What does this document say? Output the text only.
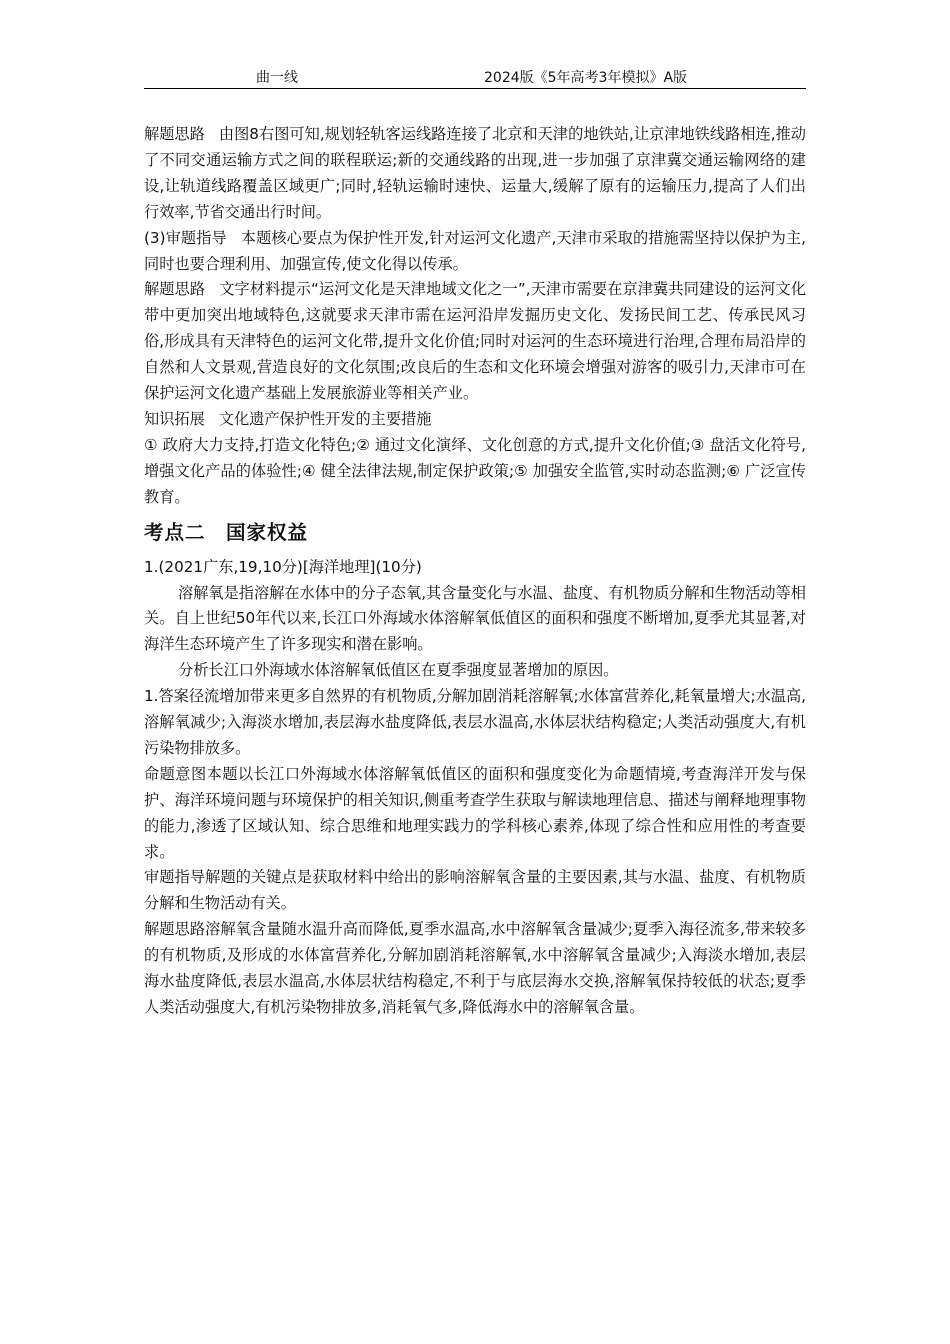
曲一线	2024版《5年高考3年模拟》A版

解题思路 由图8右图可知,规划轻轨客运线路连接了北京和天津的地铁站,让京津地铁线路相连,推动了不同交通运输方式之间的联程联运;新的交通线路的出现,进一步加强了京津冀交通运输网络的建设,让轨道线路覆盖区域更广;同时,轻轨运输时速快、运量大,缓解了原有的运输压力,提高了人们出行效率,节省交通出行时间。

(3)审题指导 本题核心要点为保护性开发,针对运河文化遗产,天津市采取的措施需坚持以保护为主,同时也要合理利用、加强宣传,使文化得以传承。

解题思路 文字材料提示“运河文化是天津地域文化之一”,天津市需要在京津冀共同建设的运河文化带中更加突出地域特色,这就要求天津市需在运河沿岸发掘历史文化、发扬民间工艺、传承民风习俗,形成具有天津特色的运河文化带,提升文化价值;同时对运河的生态环境进行治理,合理布局沿岸的自然和人文景观,营造良好的文化氛围;改良后的生态和文化环境会增强对游客的吸引力,天津市可在保护运河文化遗产基础上发展旅游业等相关产业。

知识拓展 文化遗产保护性开发的主要措施

① 政府大力支持,打造文化特色;② 通过文化演绎、文化创意的方式,提升文化价值;③ 盘活文化符号,增强文化产品的体验性;④ 健全法律法规,制定保护政策;⑤ 加强安全监管,实时动态监测;⑥ 广泛宣传教育。

考点二　国家权益

1.(2021广东,19,10分)[海洋地理](10分)

溶解氧是指溶解在水体中的分子态氧,其含量变化与水温、盐度、有机物质分解和生物活动等相关。自上世纪50年代以来,长江口外海域水体溶解氧低值区的面积和强度不断增加,夏季尤其显著,对海洋生态环境产生了许多现实和潜在影响。

分析长江口外海域水体溶解氧低值区在夏季强度显著增加的原因。

1.答案径流增加带来更多自然界的有机物质,分解加剧消耗溶解氧;水体富营养化,耗氧量增大;水温高,溶解氧减少;入海淡水增加,表层海水盐度降低,表层水温高,水体层状结构稳定;人类活动强度大,有机污染物排放多。

命题意图本题以长江口外海域水体溶解氧低值区的面积和强度变化为命题情境,考查海洋开发与保护、海洋环境问题与环境保护的相关知识,侧重考查学生获取与解读地理信息、描述与阐释地理事物的能力,渗透了区域认知、综合思维和地理实践力的学科核心素养,体现了综合性和应用性的考查要求。

审题指导解题的关键点是获取材料中给出的影响溶解氧含量的主要因素,其与水温、盐度、有机物质分解和生物活动有关。

解题思路溶解氧含量随水温升高而降低,夏季水温高,水中溶解氧含量减少;夏季入海径流多,带来较多的有机物质,及形成的水体富营养化,分解加剧消耗溶解氧,水中溶解氧含量减少;入海淡水增加,表层海水盐度降低,表层水温高,水体层状结构稳定,不利于与底层海水交换,溶解氧保持较低的状态;夏季人类活动强度大,有机污染物排放多,消耗氧气多,降低海水中的溶解氧含量。
